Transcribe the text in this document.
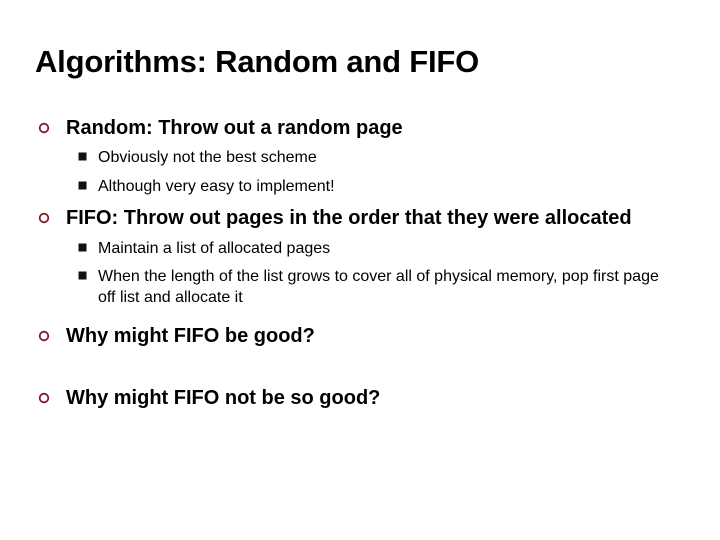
Algorithms: Random and FIFO
Random: Throw out a random page
Obviously not the best scheme
Although very easy to implement!
FIFO: Throw out pages in the order that they were allocated
Maintain a list of allocated pages
When the length of the list grows to cover all of physical memory, pop first page off list and allocate it
Why might FIFO be good?
Why might FIFO not be so good?
